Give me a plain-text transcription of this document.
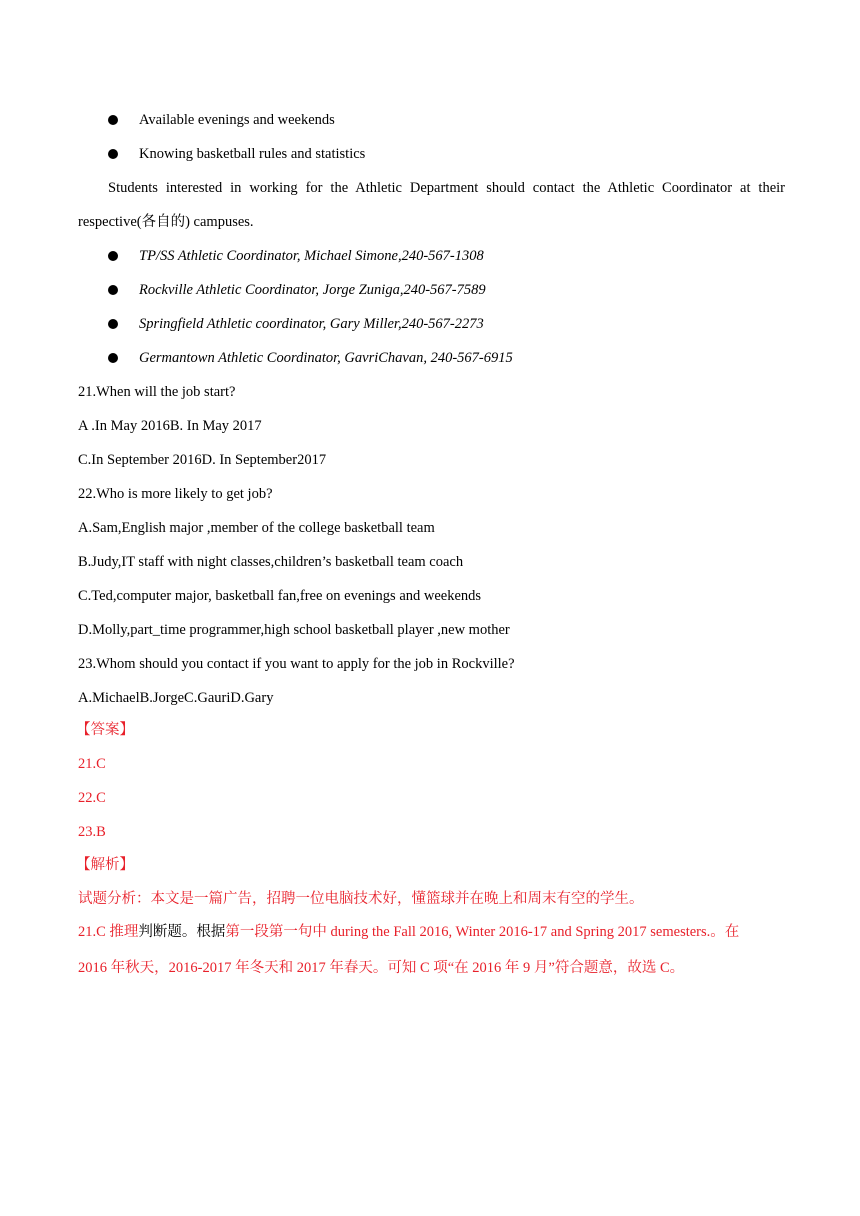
Available evenings and weekends
Knowing basketball rules and statistics
Students interested in working for the Athletic Department should contact the Athletic Coordinator at their
respective(各自的) campuses.
TP/SS Athletic Coordinator, Michael Simone,240-567-1308
Rockville Athletic Coordinator, Jorge Zuniga,240-567-7589
Springfield Athletic coordinator, Gary Miller,240-567-2273
Germantown Athletic Coordinator, GavriChavan, 240-567-6915
21.When will the job start?
A .In May 2016B. In May 2017
C.In September 2016D. In September2017
22.Who is more likely to get job?
A.Sam,English major ,member of the college basketball team
B.Judy,IT staff with night classes,children’s basketball team coach
C.Ted,computer major, basketball fan,free on evenings and weekends
D.Molly,part_time programmer,high school basketball player ,new mother
23.Whom should you contact if you want to apply for the job in Rockville?
A.MichaelB.JorgeC.GauriD.Gary
【答案】
21.C
22.C
23.B
【解析】
试题分析：本文是一篇广告，招聘一位电脑技术好，懂篮球并在晚上和周末有空的学生。
21.C 推理判断题。根据第一段第一句中 during the Fall 2016, Winter 2016-17 and Spring 2017 semesters.。在
2016 年秋天，2016-2017 年冬天和 2017 年春天。可知 C 项“在 2016 年 9 月”符合题意，故选 C。
